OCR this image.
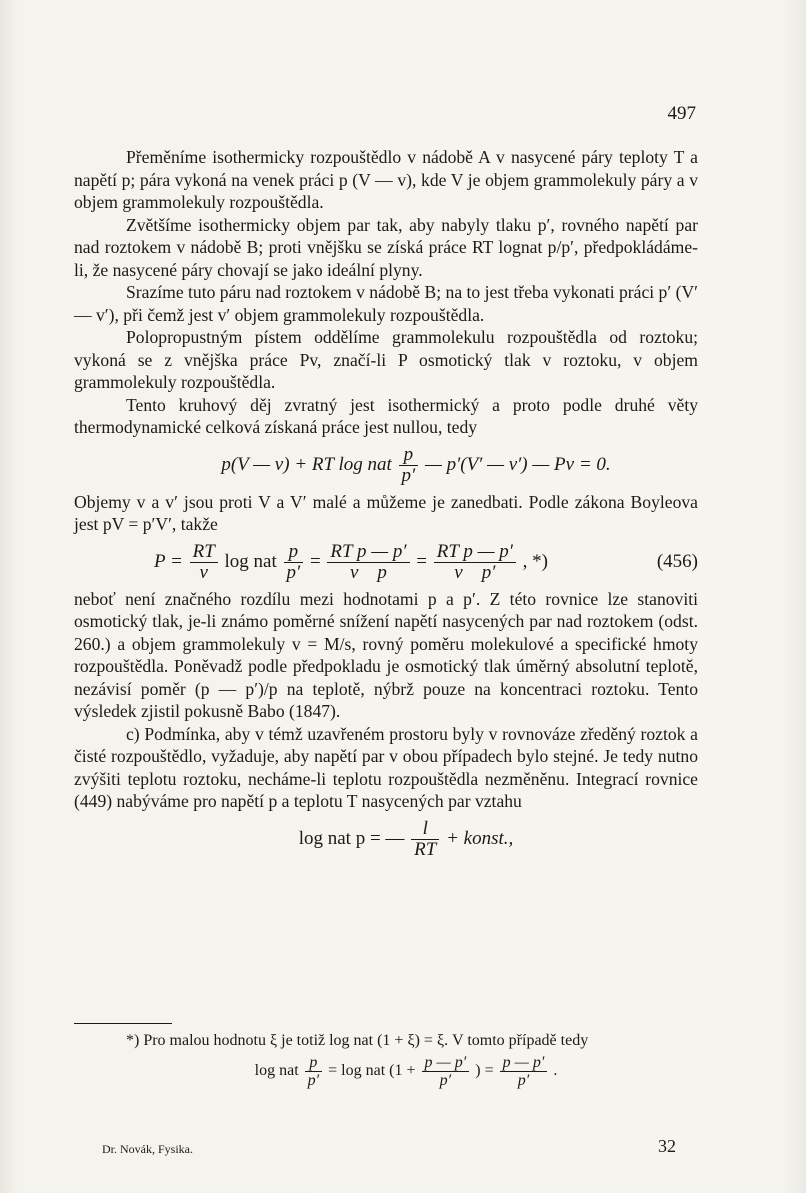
497

Přeměníme isothermicky rozpouštědlo v nádobě A v nasycené páry teploty T a napětí p; pára vykoná na venek práci p (V — v), kde V je objem grammolekuly páry a v objem grammolekuly rozpouštědla.

Zvětšíme isothermicky objem par tak, aby nabyly tlaku p′, rovného napětí par nad roztokem v nádobě B; proti vnějšku se získá práce RT lognat p/p′, předpokládáme-li, že nasycené páry chovají se jako ideální plyny.

Srazíme tuto páru nad roztokem v nádobě B; na to jest třeba vykonati práci p′ (V′ — v′), při čemž jest v′ objem grammolekuly rozpouštědla.

Polopropustným pístem oddělíme grammolekulu rozpouštědla od roztoku; vykoná se z vnějška práce Pv, značí-li P osmotický tlak v roztoku, v objem grammolekuly rozpouštědla.

Tento kruhový děj zvratný jest isothermický a proto podle druhé věty thermodynamické celková získaná práce jest nullou, tedy

p(V — v) + RT log nat $\frac{p}{p'}$ — p′(V′ — v′) — Pv = 0.

Objemy v a v′ jsou proti V a V′ malé a můžeme je zanedbati. Podle zákona Boyleova jest pV = p′V′, takže

$P = \frac{RT}{v}$ log nat $\frac{p}{p'} = \frac{\text{RT p — p′}}{\text{v    p}} = \frac{\text{RT p — p′}}{\text{v    p′}}$ , *)	(456)

neboť není značného rozdílu mezi hodnotami p a p′. Z této rovnice lze stanoviti osmotický tlak, je-li známo poměrné snížení napětí nasycených par nad roztokem (odst. 260.) a objem grammolekuly v = M/s, rovný poměru molekulové a specifické hmoty rozpouštědla. Poněvadž podle předpokladu je osmotický tlak úměrný absolutní teplotě, nezávisí poměr (p — p′)/p na teplotě, nýbrž pouze na koncentraci roztoku. Tento výsledek zjistil pokusně Babo (1847).

c) Podmínka, aby v témž uzavřeném prostoru byly v rovnováze zředěný roztok a čisté rozpouštědlo, vyžaduje, aby napětí par v obou případech bylo stejné. Je tedy nutno zvýšiti teplotu roztoku, necháme-li teplotu rozpouštědla nezměněnu. Integrací rovnice (449) nabýváme pro napětí p a teplotu T nasycených par vztahu

log nat p = — $\frac{l}{RT}$ + konst.,

*) Pro malou hodnotu ξ je totiž log nat (1 + ξ) = ξ. V tomto případě tedy

log nat $\frac{p}{p'} = \log$ nat ($1 + \frac{p — p'}{p'}$ ) = $\frac{p — p'}{p'}$ .
Dr. Novák, Fysika.	32
